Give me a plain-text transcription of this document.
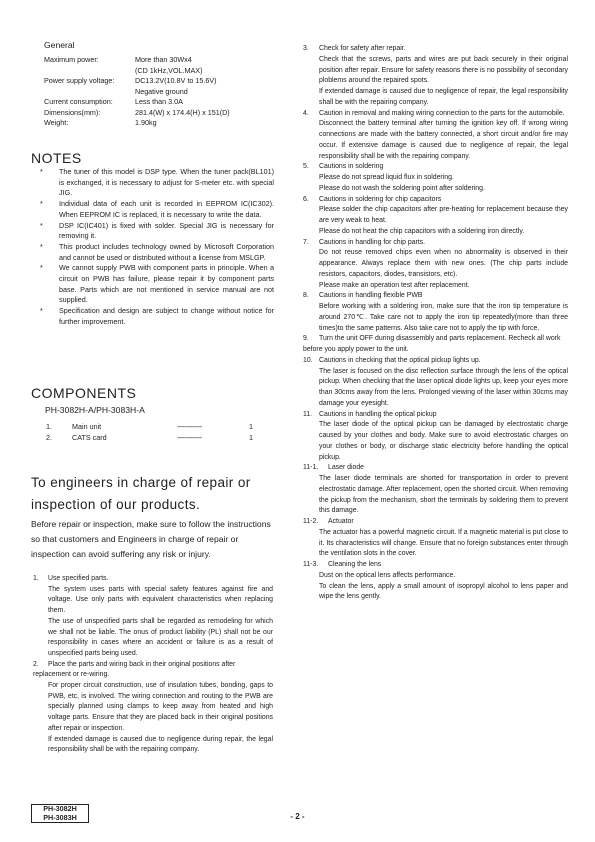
General
Maximum power:	More than 30Wx4
(CD 1kHz,VOL.MAX)
Power supply voltage:	DC13.2V(10.8V to 15.6V)
Negative ground
Current consumption:	Less than 3.0A
Dimensions(mm):	281.4(W) x 174.4(H) x 151(D)
Weight:	1.90kg
NOTES
*	The tuner of this model is DSP type. When the tuner pack(BL101) is exchanged, it is necessary to adjust for S-meter etc. with special JIG.
*	Individual data of each unit is recorded in EEPROM IC(IC302). When EEPROM IC is replaced, it is necessary to write the data.
*	DSP IC(IC401) is fixed with solder. Special JIG is necessary for removing it.
*	This product includes technology owned by Microsoft Corporation and cannot be used or distributed without a license from MSLGP.
*	We cannot supply PWB with component parts in principle. When a circuit on PWB has failure, please repair it by component parts base. Parts which are not mentioned in service manual are not supplied.
*	Specification and design are subject to change without notice for further improvement.
COMPONENTS
PH-3082H-A/PH-3083H-A
1.	Main unit	-------------	1
2.	CATS card	-------------	1
To engineers in charge of repair or inspection of our products.
Before repair or inspection, make sure to follow the instructions so that customers and Engineers in charge of repair or inspection can avoid suffering any risk or injury.
1. Use specified parts.
The system uses parts with special safety features against fire and voltage. Use only parts with equivalent characteristics when replacing them.
The use of unspecified parts shall be regarded as remodeling for which we shall not be liable. The onus of product liability (PL) shall not be our responsibility in cases where an accident or failure is as a result of unspecified parts being used.
2. Place the parts and wiring back in their original positions after replacement or re-wiring.
For proper circuit construction, use of insulation tubes, bonding, gaps to PWB, etc, is involved. The wiring connection and routing to the PWB are specially planned using clamps to keep away from heated and high voltage parts. Ensure that they are placed back in their original positions after repair or inspection.
If extended damage is caused due to negligence during repair, the legal responsibility shall be with the repairing company.
3. Check for safety after repair.
Check that the screws, parts and wires are put back securely in their original position after repair. Ensure for safety reasons there is no possibility of secondary ploblems around the repaired spots.
If extended damage is caused due to negligence of repair, the legal responsibility shall be with the repairing company.
4. Caution in removal and making wiring connection to the parts for the automobile.
Disconnect the battery terminal after turning the ignition key off. If wrong wiring connections are made with the battery connected, a short circuit and/or fire may occur. If extensive damage is caused due to negligence of repair, the legal responsibility shall be with the repairing company.
5. Cautions in soldering
Please do not spread liquid flux in soldering.
Please do not wash the soldering point after soldering.
6. Cautions in soldering for chip capacitors
Please solder the chip capacitors after pre-heating for replacement because they are very weak to heat.
Please do not heat the chip capacitors with a soldering iron directly.
7. Cautions in handling for chip parts.
Do not reuse removed chips even when no abnormality is observed in their appearance. Always replace them with new ones. (The chip parts include resistors, capacitors, diodes, transistors, etc).
Please make an operation test after replacement.
8. Cautions in handling flexible PWB
Before working with a soldering iron, make sure that the iron tip temperature is around 270℃. Take care not to apply the iron tip repeatedly(more than three times)to the same patterns. Also take care not to apply the tip with force.
9. Turn the unit OFF during disassembly and parts replacement. Recheck all work before you apply power to the unit.
10. Cautions in checking that the optical pickup lights up.
The laser is focused on the disc reflection surface through the lens of the optical pickup. When checking that the laser optical diode lights up, keep your eyes more than 30cms away from the lens. Prolonged viewing of the laser within 30cms may damage your eyesight.
11. Cautions in handling the optical pickup
The laser diode of the optical pickup can be damaged by electrostatic charge caused by your clothes and body. Make sure to avoid electrostatic charges on your clothes or body, or discharge static electricity before handling the optical pickup.
11-1. Laser diode
The laser diode terminals are shorted for transportation in order to prevent electrostatic damage. After replacement, open the shorted circuit. When removing the pickup from the mechanism, short the terminals by soldering them to prevent this damage.
11-2. Actuator
The actuator has a powerful magnetic circuit. If a magnetic material is put close to it. Its characteristics will change. Ensure that no foreign substances enter through the ventilation slots in the cover.
11-3. Cleaning the lens
Dust on the optical lens affects performance.
To clean the lens, apply a small amount of isopropyl alcohol to lens paper and wipe the lens gently.
PH-3082H
PH-3083H	- 2 -
